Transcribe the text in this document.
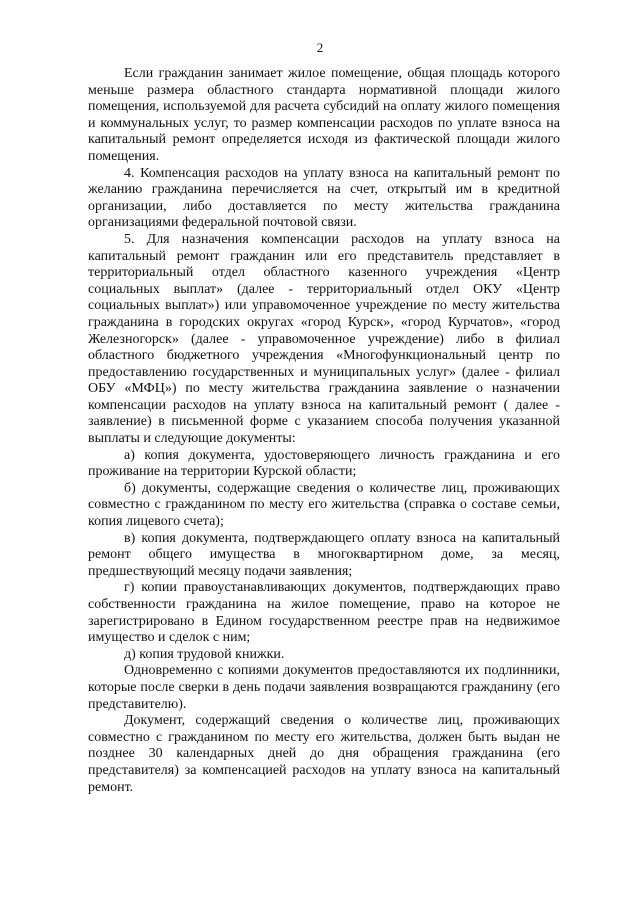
2

Если гражданин занимает жилое помещение, общая площадь которого меньше размера областного стандарта нормативной площади жилого помещения, используемой для расчета субсидий на оплату жилого помещения и коммунальных услуг, то размер компенсации расходов по уплате взноса на капитальный ремонт определяется исходя из фактической площади жилого помещения.

4. Компенсация расходов на уплату взноса на капитальный ремонт по желанию гражданина перечисляется на счет, открытый им в кредитной организации, либо доставляется по месту жительства гражданина организациями федеральной почтовой связи.

5. Для назначения компенсации расходов на уплату взноса на капитальный ремонт гражданин или его представитель представляет в территориальный отдел областного казенного учреждения «Центр социальных выплат» (далее - территориальный отдел ОКУ «Центр социальных выплат») или управомоченное учреждение по месту жительства гражданина в городских округах «город Курск», «город Курчатов», «город Железногорск» (далее - управомоченное учреждение) либо в филиал областного бюджетного учреждения «Многофункциональный центр по предоставлению государственных и муниципальных услуг» (далее - филиал ОБУ «МФЦ») по месту жительства гражданина заявление о назначении компенсации расходов на уплату взноса на капитальный ремонт ( далее - заявление) в письменной форме с указанием способа получения указанной выплаты и следующие документы:

а) копия документа, удостоверяющего личность гражданина и его проживание на территории Курской области;

б) документы, содержащие сведения о количестве лиц, проживающих совместно с гражданином по месту его жительства (справка о составе семьи, копия лицевого счета);

в) копия документа, подтверждающего оплату взноса на капитальный ремонт общего имущества в многоквартирном доме, за месяц, предшествующий месяцу подачи заявления;

г) копии правоустанавливающих документов, подтверждающих право собственности гражданина на жилое помещение, право на которое не зарегистрировано в Едином государственном реестре прав на недвижимое имущество и сделок с ним;

д) копия трудовой книжки.

Одновременно с копиями документов предоставляются их подлинники, которые после сверки в день подачи заявления возвращаются гражданину (его представителю).

Документ, содержащий сведения о количестве лиц, проживающих совместно с гражданином по месту его жительства, должен быть выдан не позднее 30 календарных дней до дня обращения гражданина (его представителя) за компенсацией расходов на уплату взноса на капитальный ремонт.
